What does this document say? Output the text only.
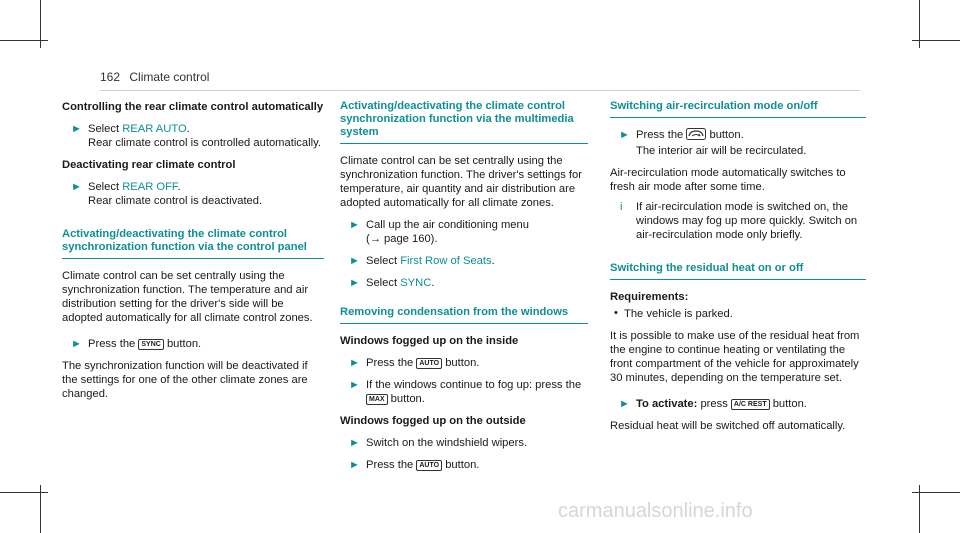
162 Climate control
Controlling the rear climate control automatically
► Select REAR AUTO.
Rear climate control is controlled automatically.
Deactivating rear climate control
► Select REAR OFF.
Rear climate control is deactivated.
Activating/deactivating the climate control synchronization function via the control panel
Climate control can be set centrally using the synchronization function. The temperature and air distribution setting for the driver's side will be adopted automatically for all climate control zones.
► Press the SYNC button.
The synchronization function will be deactivated if the settings for one of the other climate zones are changed.
Activating/deactivating the climate control synchronization function via the multimedia system
Climate control can be set centrally using the synchronization function. The driver's settings for temperature, air quantity and air distribution are adopted automatically for all climate zones.
► Call up the air conditioning menu
(→ page 160).
► Select First Row of Seats.
► Select SYNC.
Removing condensation from the windows
Windows fogged up on the inside
► Press the AUTO button.
► If the windows continue to fog up: press the
MAX button.
Windows fogged up on the outside
► Switch on the windshield wipers.
► Press the AUTO button.
Switching air-recirculation mode on/off
► Press the button.
The interior air will be recirculated.
Air-recirculation mode automatically switches to fresh air mode after some time.
i If air-recirculation mode is switched on, the windows may fog up more quickly. Switch on air-recirculation mode only briefly.
Switching the residual heat on or off
Requirements:
• The vehicle is parked.
It is possible to make use of the residual heat from the engine to continue heating or ventilating the front compartment of the vehicle for approximately 30 minutes, depending on the temperature set.
► To activate: press A/C REST button.
Residual heat will be switched off automatically.
carmanualsonline.info
